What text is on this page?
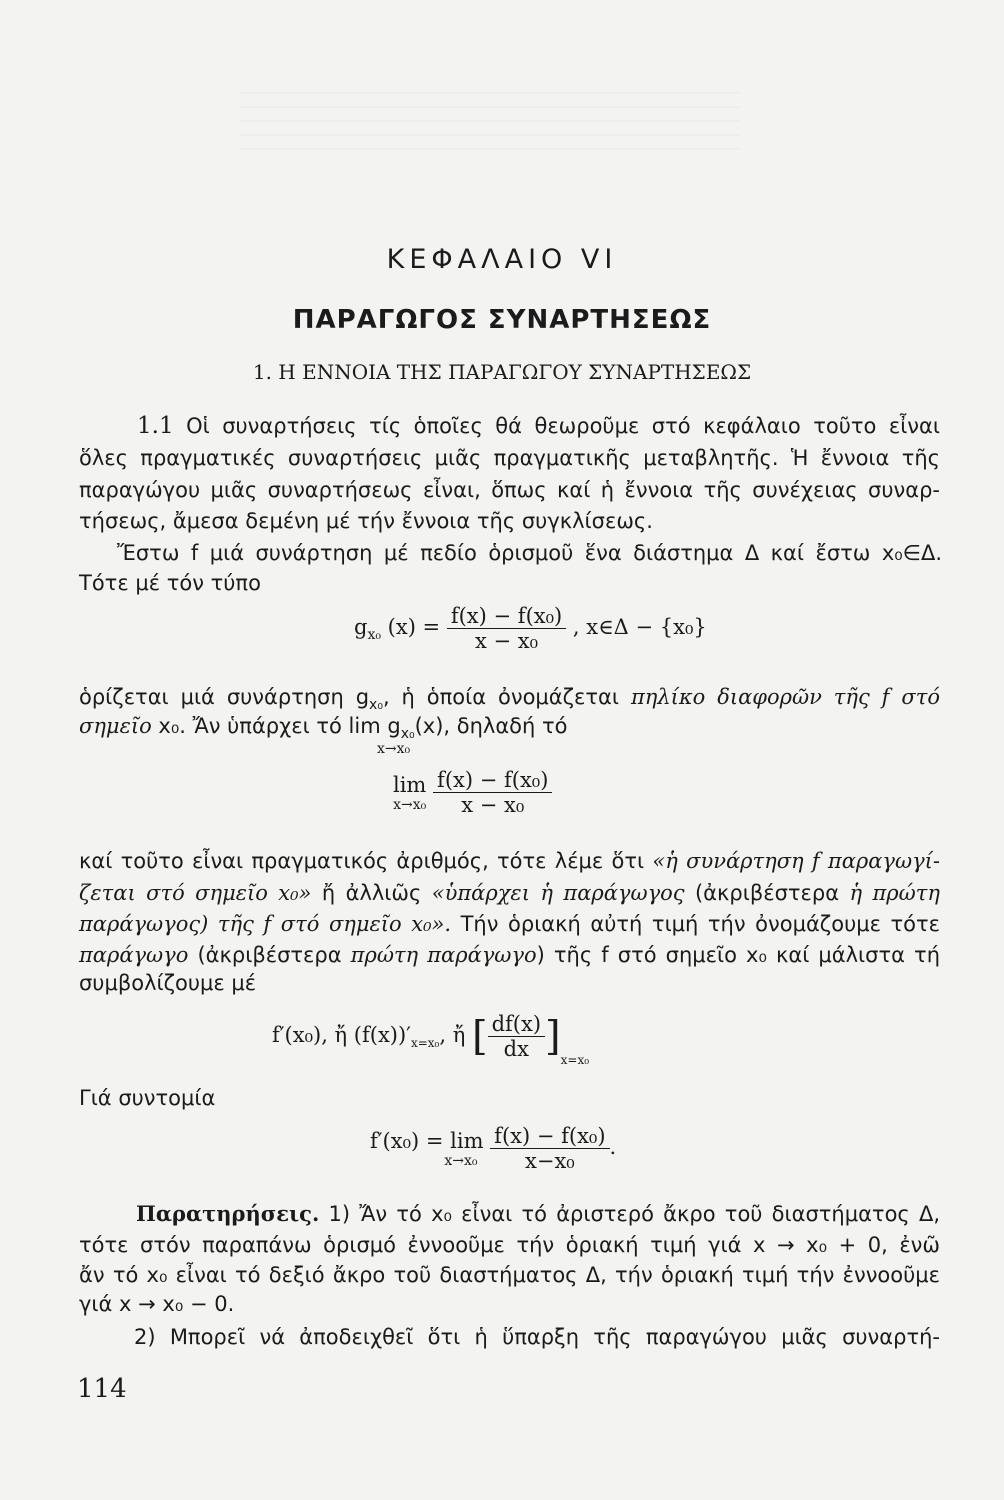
ΚΕΦΑΛΑΙΟ VI
ΠΑΡΑΓΩΓΟΣ ΣΥΝΑΡΤΗΣΕΩΣ
1. Η ΕΝΝΟΙΑ ΤΗΣ ΠΑΡΑΓΩΓΟΥ ΣΥΝΑΡΤΗΣΕΩΣ
1.1 Οἱ συναρτήσεις τίς ὁποῖες θά θεωροῦμε στό κεφάλαιο τοῦτο εἶναι
ὅλες πραγματικές συναρτήσεις μιᾶς πραγματικῆς μεταβλητῆς. Ἡ ἔννοια τῆς
παραγώγου μιᾶς συναρτήσεως εἶναι, ὅπως καί ἡ ἔννοια τῆς συνέχειας συναρ-
τήσεως, ἄμεσα δεμένη μέ τήν ἔννοια τῆς συγκλίσεως.
Ἔστω f μιά συνάρτηση μέ πεδίο ὁρισμοῦ ἕνα διάστημα Δ καί ἔστω x₀∈Δ.
Τότε μέ τόν τύπο
$g_{x_0}$ $(x) = \frac{\text{f(x) − f(x₀)}}{\text{x − x₀}}$ , x∈Δ − {x₀}
ὁρίζεται μιά συνάρτηση $g_{x_0}$, ἡ ὁποία ὀνομάζεται πηλίκο διαφορῶν τῆς f στό
σημεῖο x₀. Ἄν ὑπάρχει τό $\lim g_{x_0}(x)$, δηλαδή τό
x→x₀
lim
x→x₀
$\frac{\text{f(x) − f(x₀)}}{\text{x − x₀}}$
καί τοῦτο εἶναι πραγματικός ἀριθμός, τότε λέμε ὅτι «ἡ συνάρτηση f παραγωγί-
ζεται στό σημεῖο x₀» ἤ ἀλλιῶς «ὑπάρχει ἡ παράγωγος (ἀκριβέστερα ἡ πρώτη
παράγωγος) τῆς f στό σημεῖο x₀». Τήν ὁριακή αὐτή τιμή τήν ὀνομάζουμε τότε
παράγωγο (ἀκριβέστερα πρώτη παράγωγο) τῆς f στό σημεῖο x₀ καί μάλιστα τή
συμβολίζουμε μέ
f′(x₀), ἤ $(f(x))'_{x=x_0}$, ἤ [ $\frac{df(x)}{dx} ]_{x=x_0}$
Γιά συντομία
f′(x₀) = lim
x→x₀
$\frac{\text{f(x) − f(x₀)}}{\text{x−x₀}}$ .
Παρατηρήσεις. 1) Ἄν τό x₀ εἶναι τό ἀριστερό ἄκρο τοῦ διαστήματος Δ,
τότε στόν παραπάνω ὁρισμό ἐννοοῦμε τήν ὁριακή τιμή γιά x → x₀ + 0, ἐνῶ
ἄν τό x₀ εἶναι τό δεξιό ἄκρο τοῦ διαστήματος Δ, τήν ὁριακή τιμή τήν ἐννοοῦμε
γιά x → x₀ − 0.
2) Μπορεῖ νά ἀποδειχθεῖ ὅτι ἡ ὕπαρξη τῆς παραγώγου μιᾶς συναρτή-
114
